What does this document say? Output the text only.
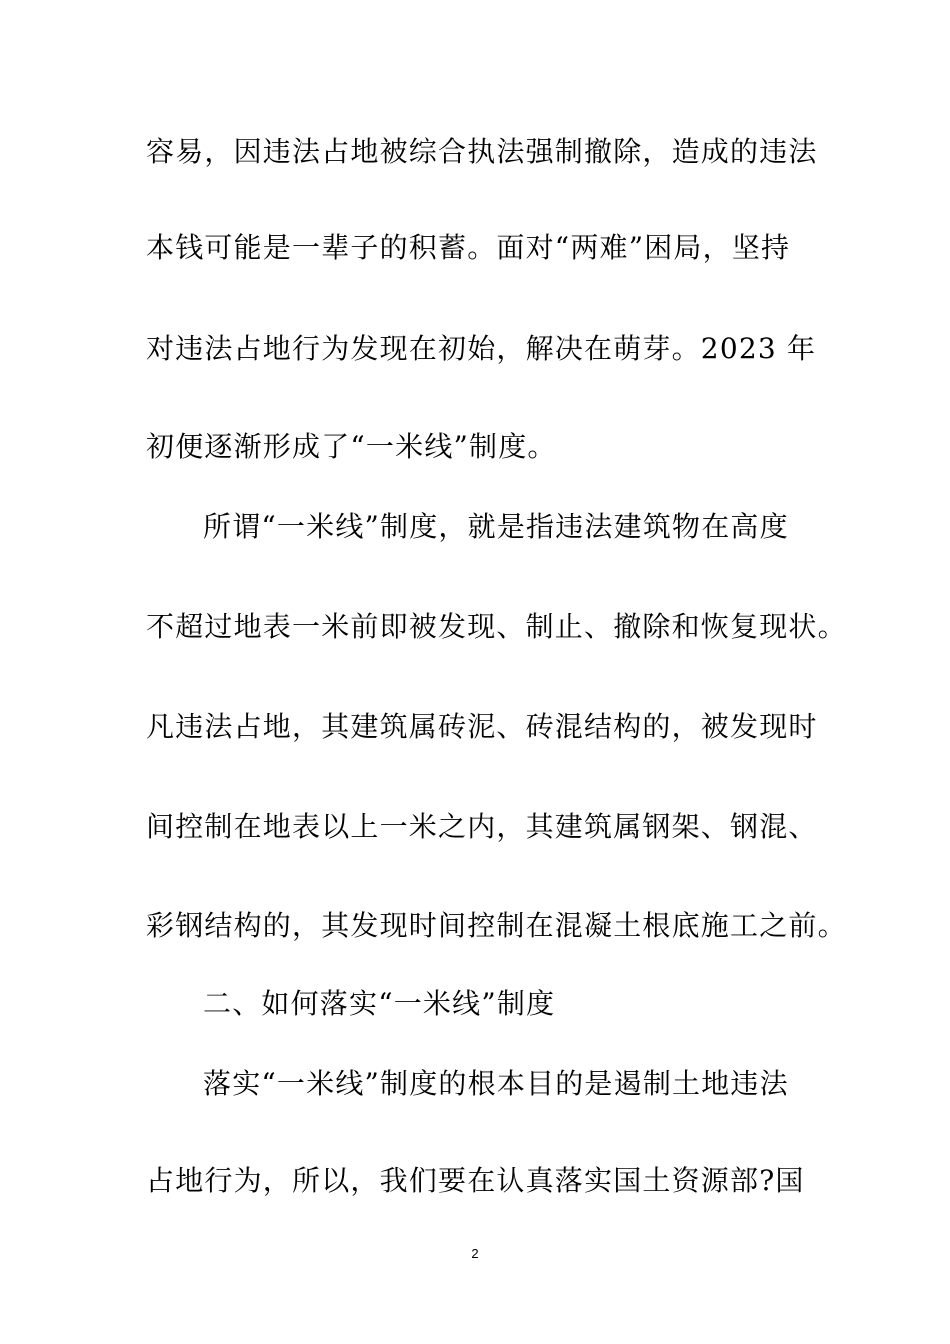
容易，因违法占地被综合执法强制撤除，造成的违法
本钱可能是一辈子的积蓄。面对“两难”困局，坚持
对违法占地行为发现在初始，解决在萌芽。2023 年
初便逐渐形成了“一米线”制度。
所谓“一米线”制度，就是指违法建筑物在高度
不超过地表一米前即被发现、制止、撤除和恢复现状。
凡违法占地，其建筑属砖泥、砖混结构的，被发现时
间控制在地表以上一米之内，其建筑属钢架、钢混、
彩钢结构的，其发现时间控制在混凝土根底施工之前。
二、如何落实“一米线”制度
落实“一米线”制度的根本目的是遏制土地违法
占地行为，所以，我们要在认真落实国土资源部?国
2
